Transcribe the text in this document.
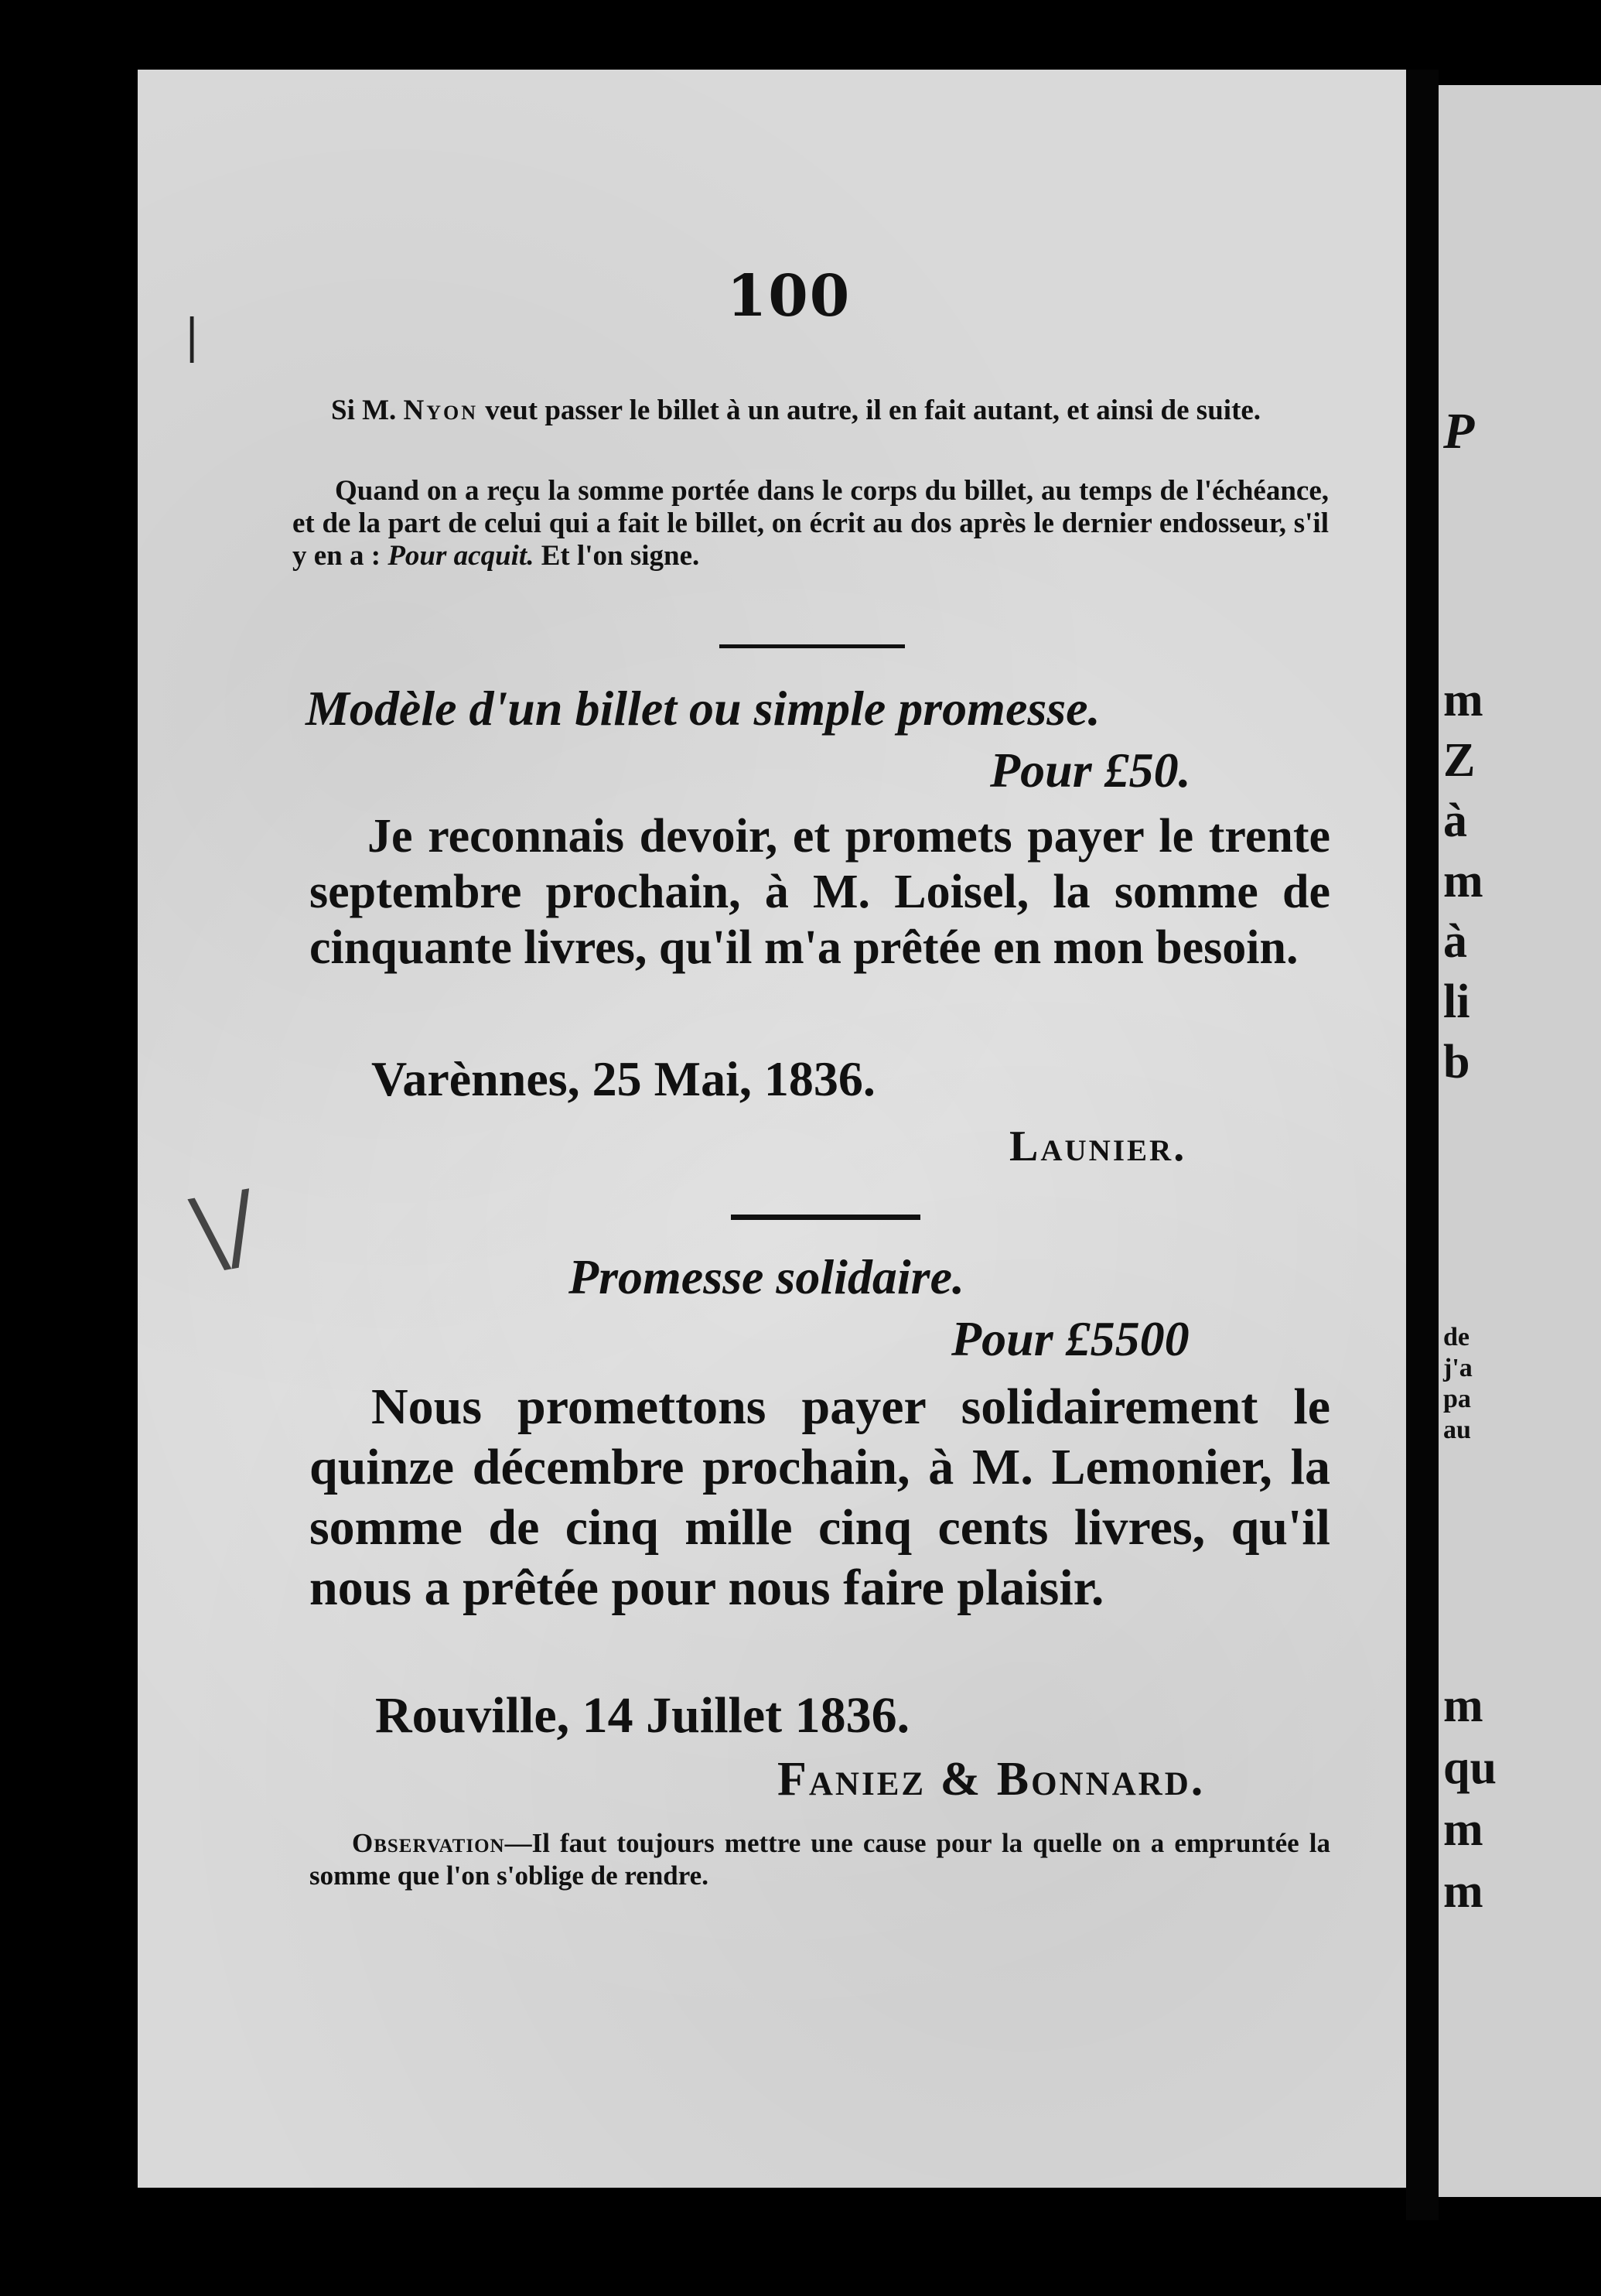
P
m
Z
à
m
à
li
b
de
j'a
pa
au
m
qu
m
m
100

Si M. Nyon veut passer le billet à un autre, il en fait autant, et ainsi de suite.

Quand on a reçu la somme portée dans le corps du billet, au temps de l'échéance, et de la part de celui qui a fait le billet, on écrit au dos après le dernier endosseur, s'il y en a : Pour acquit. Et l'on signe.

Modèle d'un billet ou simple promesse.
Pour £50.

Je reconnais devoir, et promets payer le trente septembre prochain, à M. Loisel, la somme de cinquante livres, qu'il m'a prêtée en mon besoin.

Varènnes, 25 Mai, 1836.
Launier.
Promesse solidaire.
Pour £5500

Nous promettons payer solidairement le quinze décembre prochain, à M. Lemonier, la somme de cinq mille cinq cents livres, qu'il nous a prêtée pour nous faire plaisir.

Rouville, 14 Juillet 1836.
Faniez & Bonnard.

Observation—Il faut toujours mettre une cause pour la quelle on a empruntée la somme que l'on s'oblige de rendre.

|
\/
